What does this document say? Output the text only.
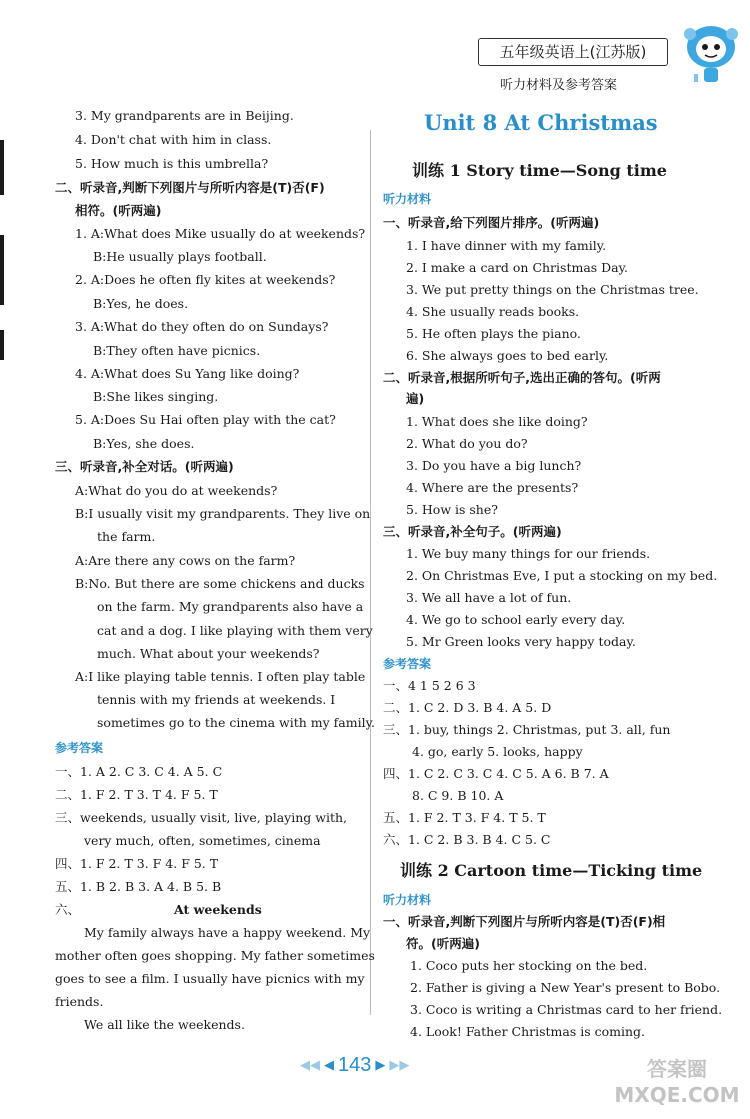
五年级英语上(江苏版)
听力材料及参考答案
3. My grandparents are in Beijing.
4. Don't chat with him in class.
5. How much is this umbrella?
二、听录音,判断下列图片与所听内容是(T)否(F)
相符。(听两遍)
1. A:What does Mike usually do at weekends?
B:He usually plays football.
2. A:Does he often fly kites at weekends?
B:Yes, he does.
3. A:What do they often do on Sundays?
B:They often have picnics.
4. A:What does Su Yang like doing?
B:She likes singing.
5. A:Does Su Hai often play with the cat?
B:Yes, she does.
三、听录音,补全对话。(听两遍)
A:What do you do at weekends?
B:I usually visit my grandparents. They live on
the farm.
A:Are there any cows on the farm?
B:No. But there are some chickens and ducks
on the farm. My grandparents also have a
cat and a dog. I like playing with them very
much. What about your weekends?
A:I like playing table tennis. I often play table
tennis with my friends at weekends. I
sometimes go to the cinema with my family.
参考答案
一、1. A 2. C 3. C 4. A 5. C
二、1. F 2. T 3. T 4. F 5. T
三、weekends, usually visit, live, playing with,
very much, often, sometimes, cinema
四、1. F 2. T 3. F 4. F 5. T
五、1. B 2. B 3. A 4. B 5. B
六、	At weekends
My family always have a happy weekend. My
mother often goes shopping. My father sometimes
goes to see a film. I usually have picnics with my
friends.
We all like the weekends.
Unit 8 At Christmas
训练 1 Story time—Song time
听力材料
一、听录音,给下列图片排序。(听两遍)
1. I have dinner with my family.
2. I make a card on Christmas Day.
3. We put pretty things on the Christmas tree.
4. She usually reads books.
5. He often plays the piano.
6. She always goes to bed early.
二、听录音,根据所听句子,选出正确的答句。(听两
遍)
1. What does she like doing?
2. What do you do?
3. Do you have a big lunch?
4. Where are the presents?
5. How is she?
三、听录音,补全句子。(听两遍)
1. We buy many things for our friends.
2. On Christmas Eve, I put a stocking on my bed.
3. We all have a lot of fun.
4. We go to school early every day.
5. Mr Green looks very happy today.
参考答案
一、4 1 5 2 6 3
二、1. C 2. D 3. B 4. A 5. D
三、1. buy, things 2. Christmas, put 3. all, fun
4. go, early 5. looks, happy
四、1. C 2. C 3. C 4. C 5. A 6. B 7. A
8. C 9. B 10. A
五、1. F 2. T 3. F 4. T 5. T
六、1. C 2. B 3. B 4. C 5. C
训练 2 Cartoon time—Ticking time
听力材料
一、听录音,判断下列图片与所听内容是(T)否(F)相
符。(听两遍)
1. Coco puts her stocking on the bed.
2. Father is giving a New Year's present to Bobo.
3. Coco is writing a Christmas card to her friend.
4. Look! Father Christmas is coming.
◀◀ ◀ 143 ▶ ▶▶	答案圈 MXQE.COM
